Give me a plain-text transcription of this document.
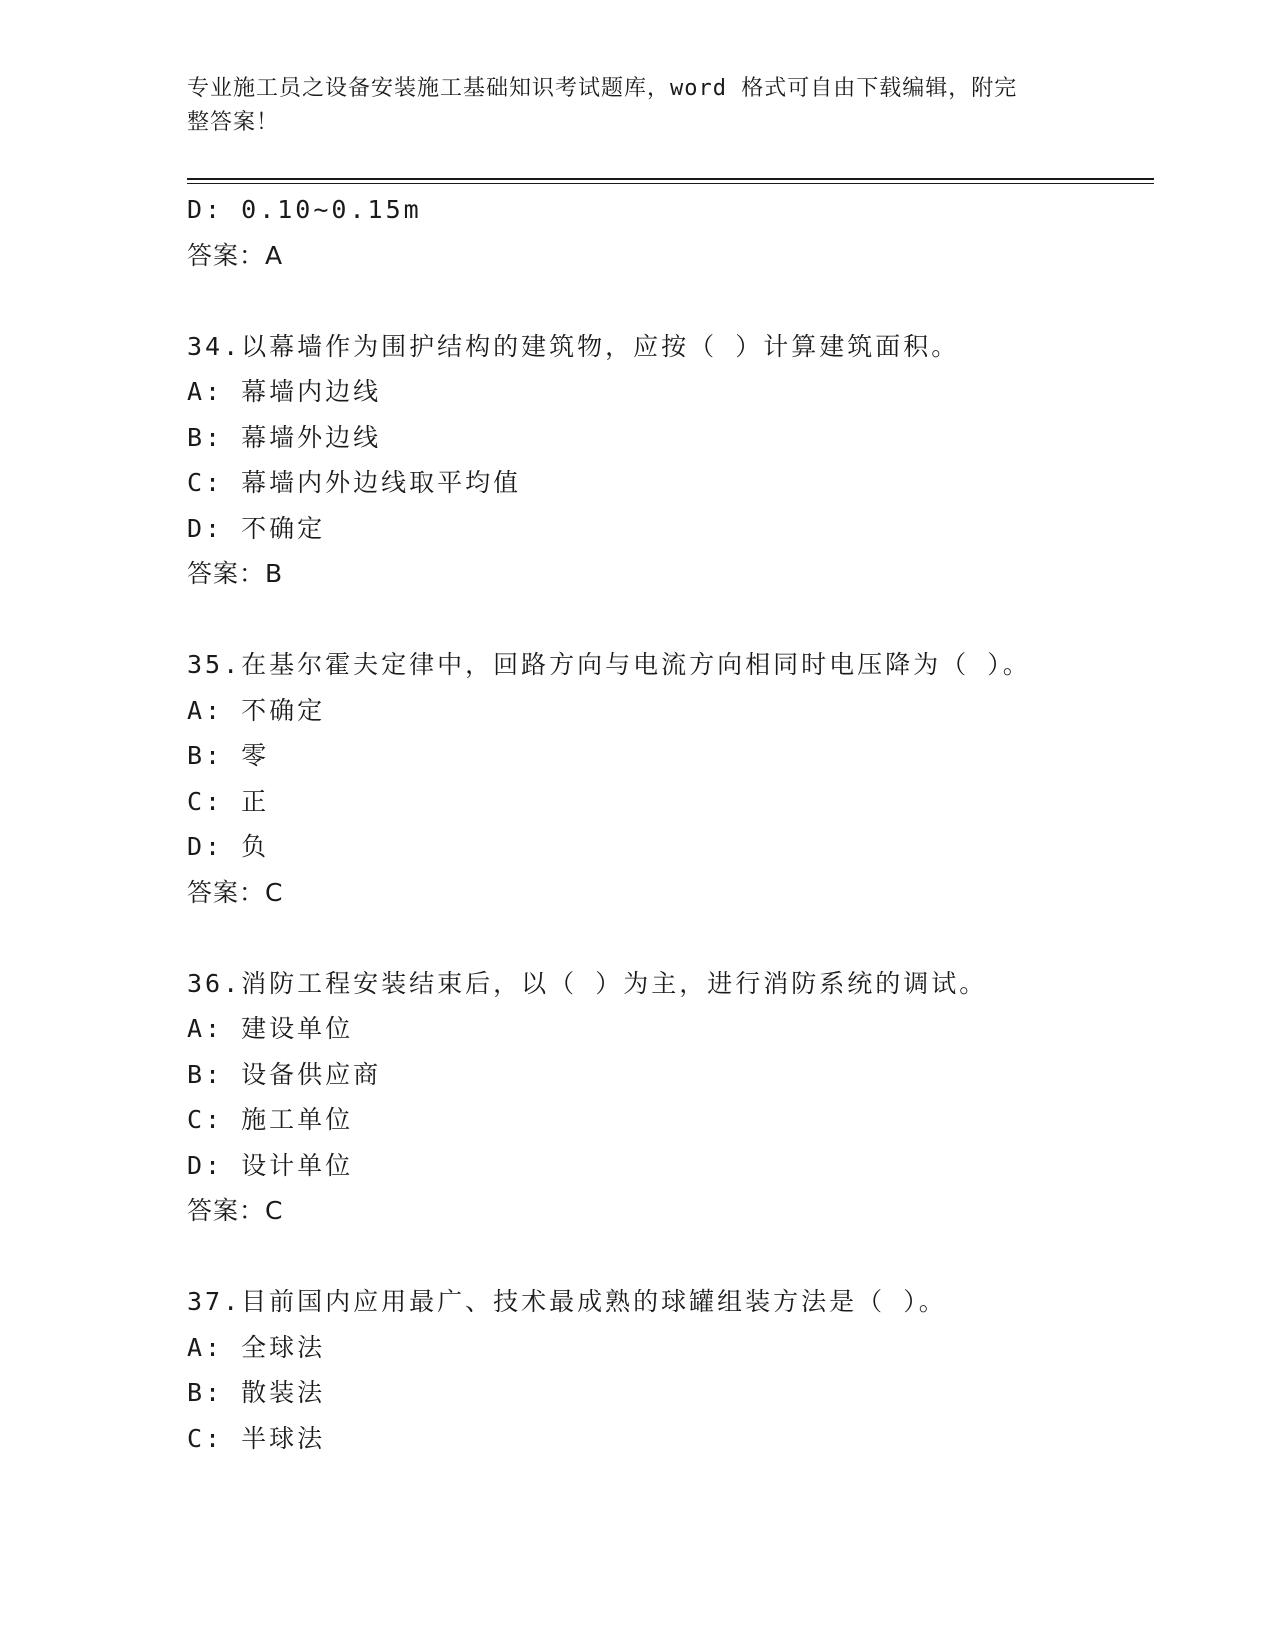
专业施工员之设备安装施工基础知识考试题库，word 格式可自由下载编辑，附完
整答案！
D: 0.10~0.15m
答案：A
34.以幕墙作为围护结构的建筑物，应按（ ）计算建筑面积。
A: 幕墙内边线
B: 幕墙外边线
C: 幕墙内外边线取平均值
D: 不确定
答案：B
35.在基尔霍夫定律中，回路方向与电流方向相同时电压降为（ ）。
A: 不确定
B: 零
C: 正
D: 负
答案：C
36.消防工程安装结束后，以（ ）为主，进行消防系统的调试。
A: 建设单位
B: 设备供应商
C: 施工单位
D: 设计单位
答案：C
37.目前国内应用最广、技术最成熟的球罐组装方法是（ ）。
A: 全球法
B: 散装法
C: 半球法
